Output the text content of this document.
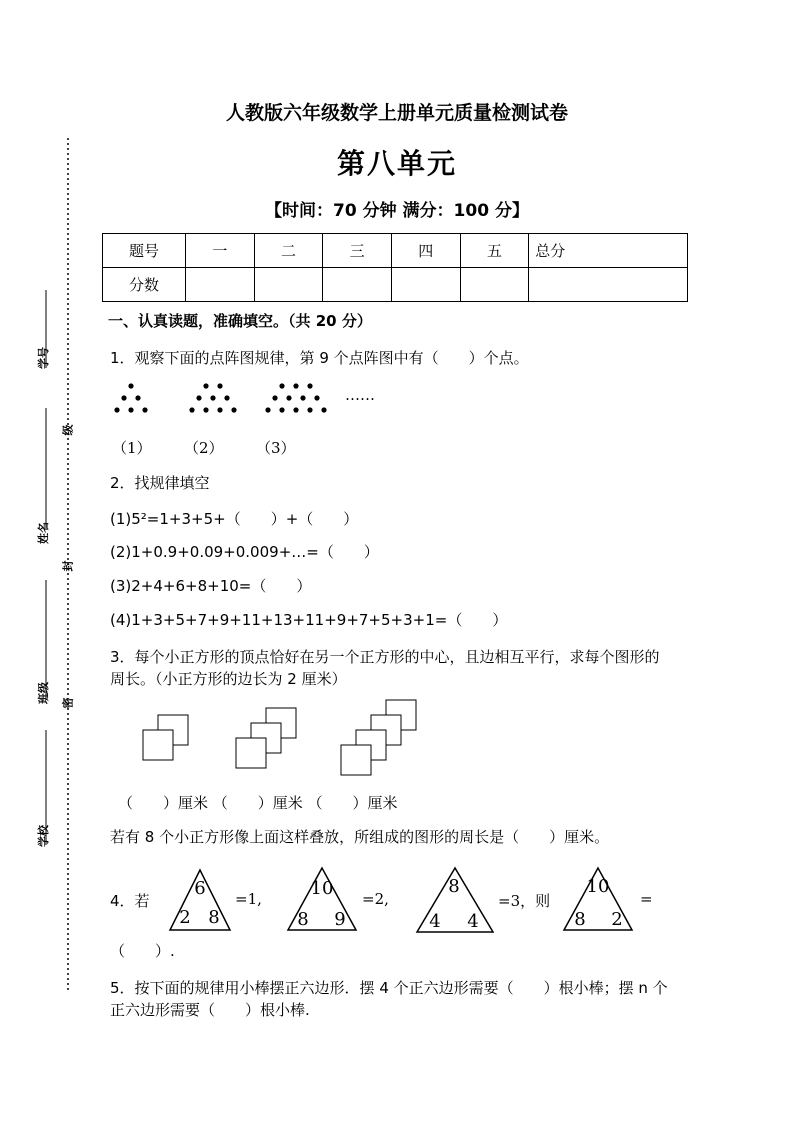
学号
级
姓名
封
班级 密
学校
人教版六年级数学上册单元质量检测试卷
第八单元
【时间：70 分钟 满分：100 分】
题号	一	二	三	四	五	总分
分数						
一、认真读题，准确填空。（共 20 分）
1．观察下面的点阵图规律，第 9 个点阵图中有（　　）个点。
……
（1） （2） （3）
2．找规律填空
(1)5²=1+3+5+（　　）+（　　）
(2)1+0.9+0.09+0.009+…=（　　）
(3)2+4+6+8+10=（　　）
(4)1+3+5+7+9+11+13+11+9+7+5+3+1=（　　）
3．每个小正方形的顶点恰好在另一个正方形的中心，且边相互平行，求每个图形的
周长。（小正方形的边长为 2 厘米）
（　　）厘米 （　　）厘米 （　　）厘米
若有 8 个小正方形像上面这样叠放，所组成的图形的周长是（　　）厘米。
4．若
6
2 8
10
8 9
8
4 4
10
8 2
=1,	=2,	=3，则	=
（　　）.
5．按下面的规律用小棒摆正六边形．摆 4 个正六边形需要（　　）根小棒；摆 n 个
正六边形需要（　　）根小棒.
